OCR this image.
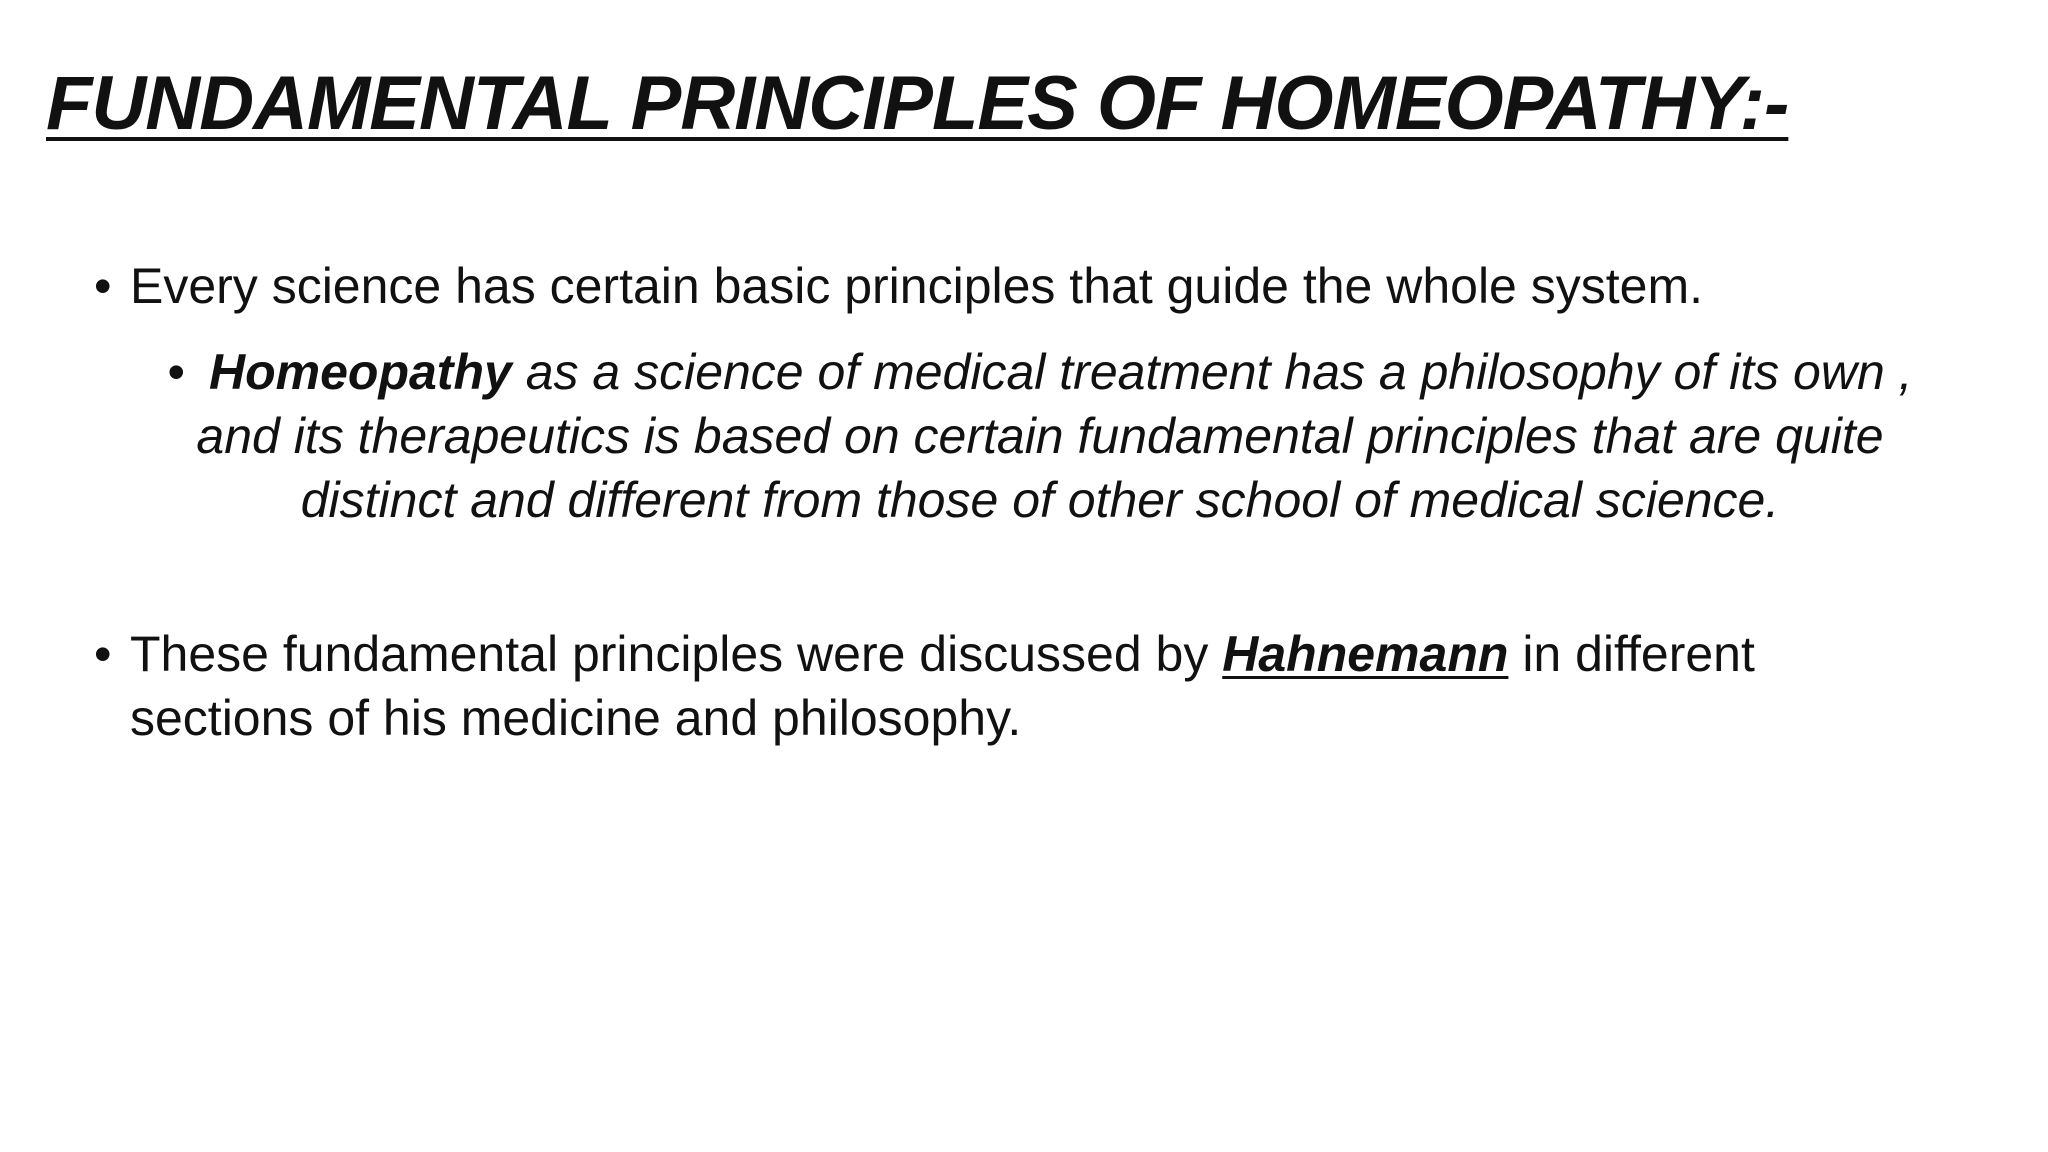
FUNDAMENTAL PRINCIPLES OF HOMEOPATHY:-
• Every science has certain basic principles that guide the whole system.
• Homeopathy as a science of medical treatment has a philosophy of its own , and its therapeutics is based on certain fundamental principles that are quite distinct and different from those of other school of medical science.
• These fundamental principles were discussed by Hahnemann in different sections of his medicine and philosophy.
